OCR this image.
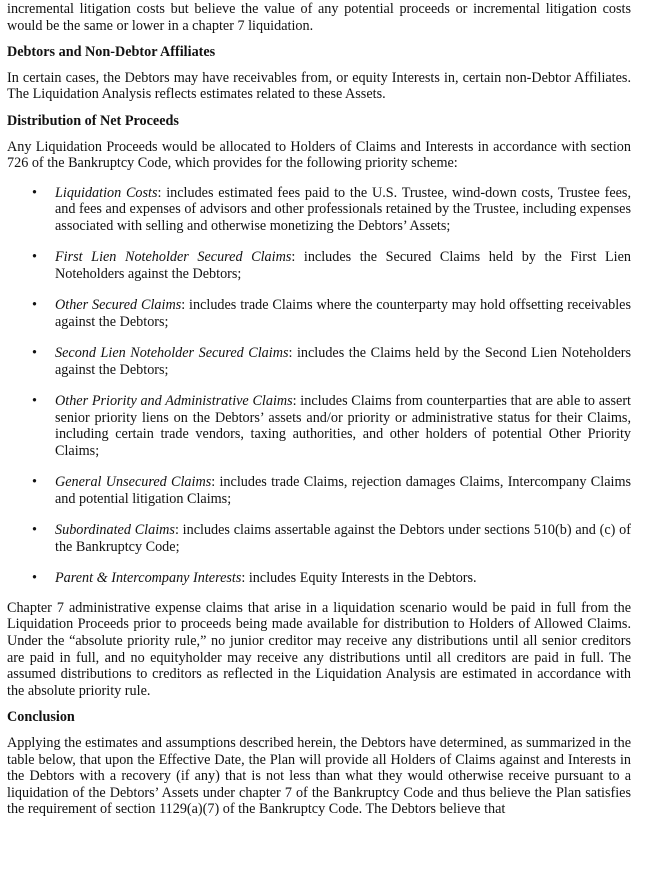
incremental litigation costs but believe the value of any potential proceeds or incremental litigation costs would be the same or lower in a chapter 7 liquidation.

Debtors and Non-Debtor Affiliates

In certain cases, the Debtors may have receivables from, or equity Interests in, certain non-Debtor Affiliates. The Liquidation Analysis reflects estimates related to these Assets.

Distribution of Net Proceeds

Any Liquidation Proceeds would be allocated to Holders of Claims and Interests in accordance with section 726 of the Bankruptcy Code, which provides for the following priority scheme:

• Liquidation Costs: includes estimated fees paid to the U.S. Trustee, wind-down costs, Trustee fees, and fees and expenses of advisors and other professionals retained by the Trustee, including expenses associated with selling and otherwise monetizing the Debtors’ Assets;
• First Lien Noteholder Secured Claims: includes the Secured Claims held by the First Lien Noteholders against the Debtors;
• Other Secured Claims: includes trade Claims where the counterparty may hold offsetting receivables against the Debtors;
• Second Lien Noteholder Secured Claims: includes the Claims held by the Second Lien Noteholders against the Debtors;
• Other Priority and Administrative Claims: includes Claims from counterparties that are able to assert senior priority liens on the Debtors’ assets and/or priority or administrative status for their Claims, including certain trade vendors, taxing authorities, and other holders of potential Other Priority Claims;
• General Unsecured Claims: includes trade Claims, rejection damages Claims, Intercompany Claims and potential litigation Claims;
• Subordinated Claims: includes claims assertable against the Debtors under sections 510(b) and (c) of the Bankruptcy Code;
• Parent & Intercompany Interests: includes Equity Interests in the Debtors.

Chapter 7 administrative expense claims that arise in a liquidation scenario would be paid in full from the Liquidation Proceeds prior to proceeds being made available for distribution to Holders of Allowed Claims. Under the “absolute priority rule,” no junior creditor may receive any distributions until all senior creditors are paid in full, and no equityholder may receive any distributions until all creditors are paid in full. The assumed distributions to creditors as reflected in the Liquidation Analysis are estimated in accordance with the absolute priority rule.

Conclusion

Applying the estimates and assumptions described herein, the Debtors have determined, as summarized in the table below, that upon the Effective Date, the Plan will provide all Holders of Claims against and Interests in the Debtors with a recovery (if any) that is not less than what they would otherwise receive pursuant to a liquidation of the Debtors’ Assets under chapter 7 of the Bankruptcy Code and thus believe the Plan satisfies the requirement of section 1129(a)(7) of the Bankruptcy Code. The Debtors believe that
